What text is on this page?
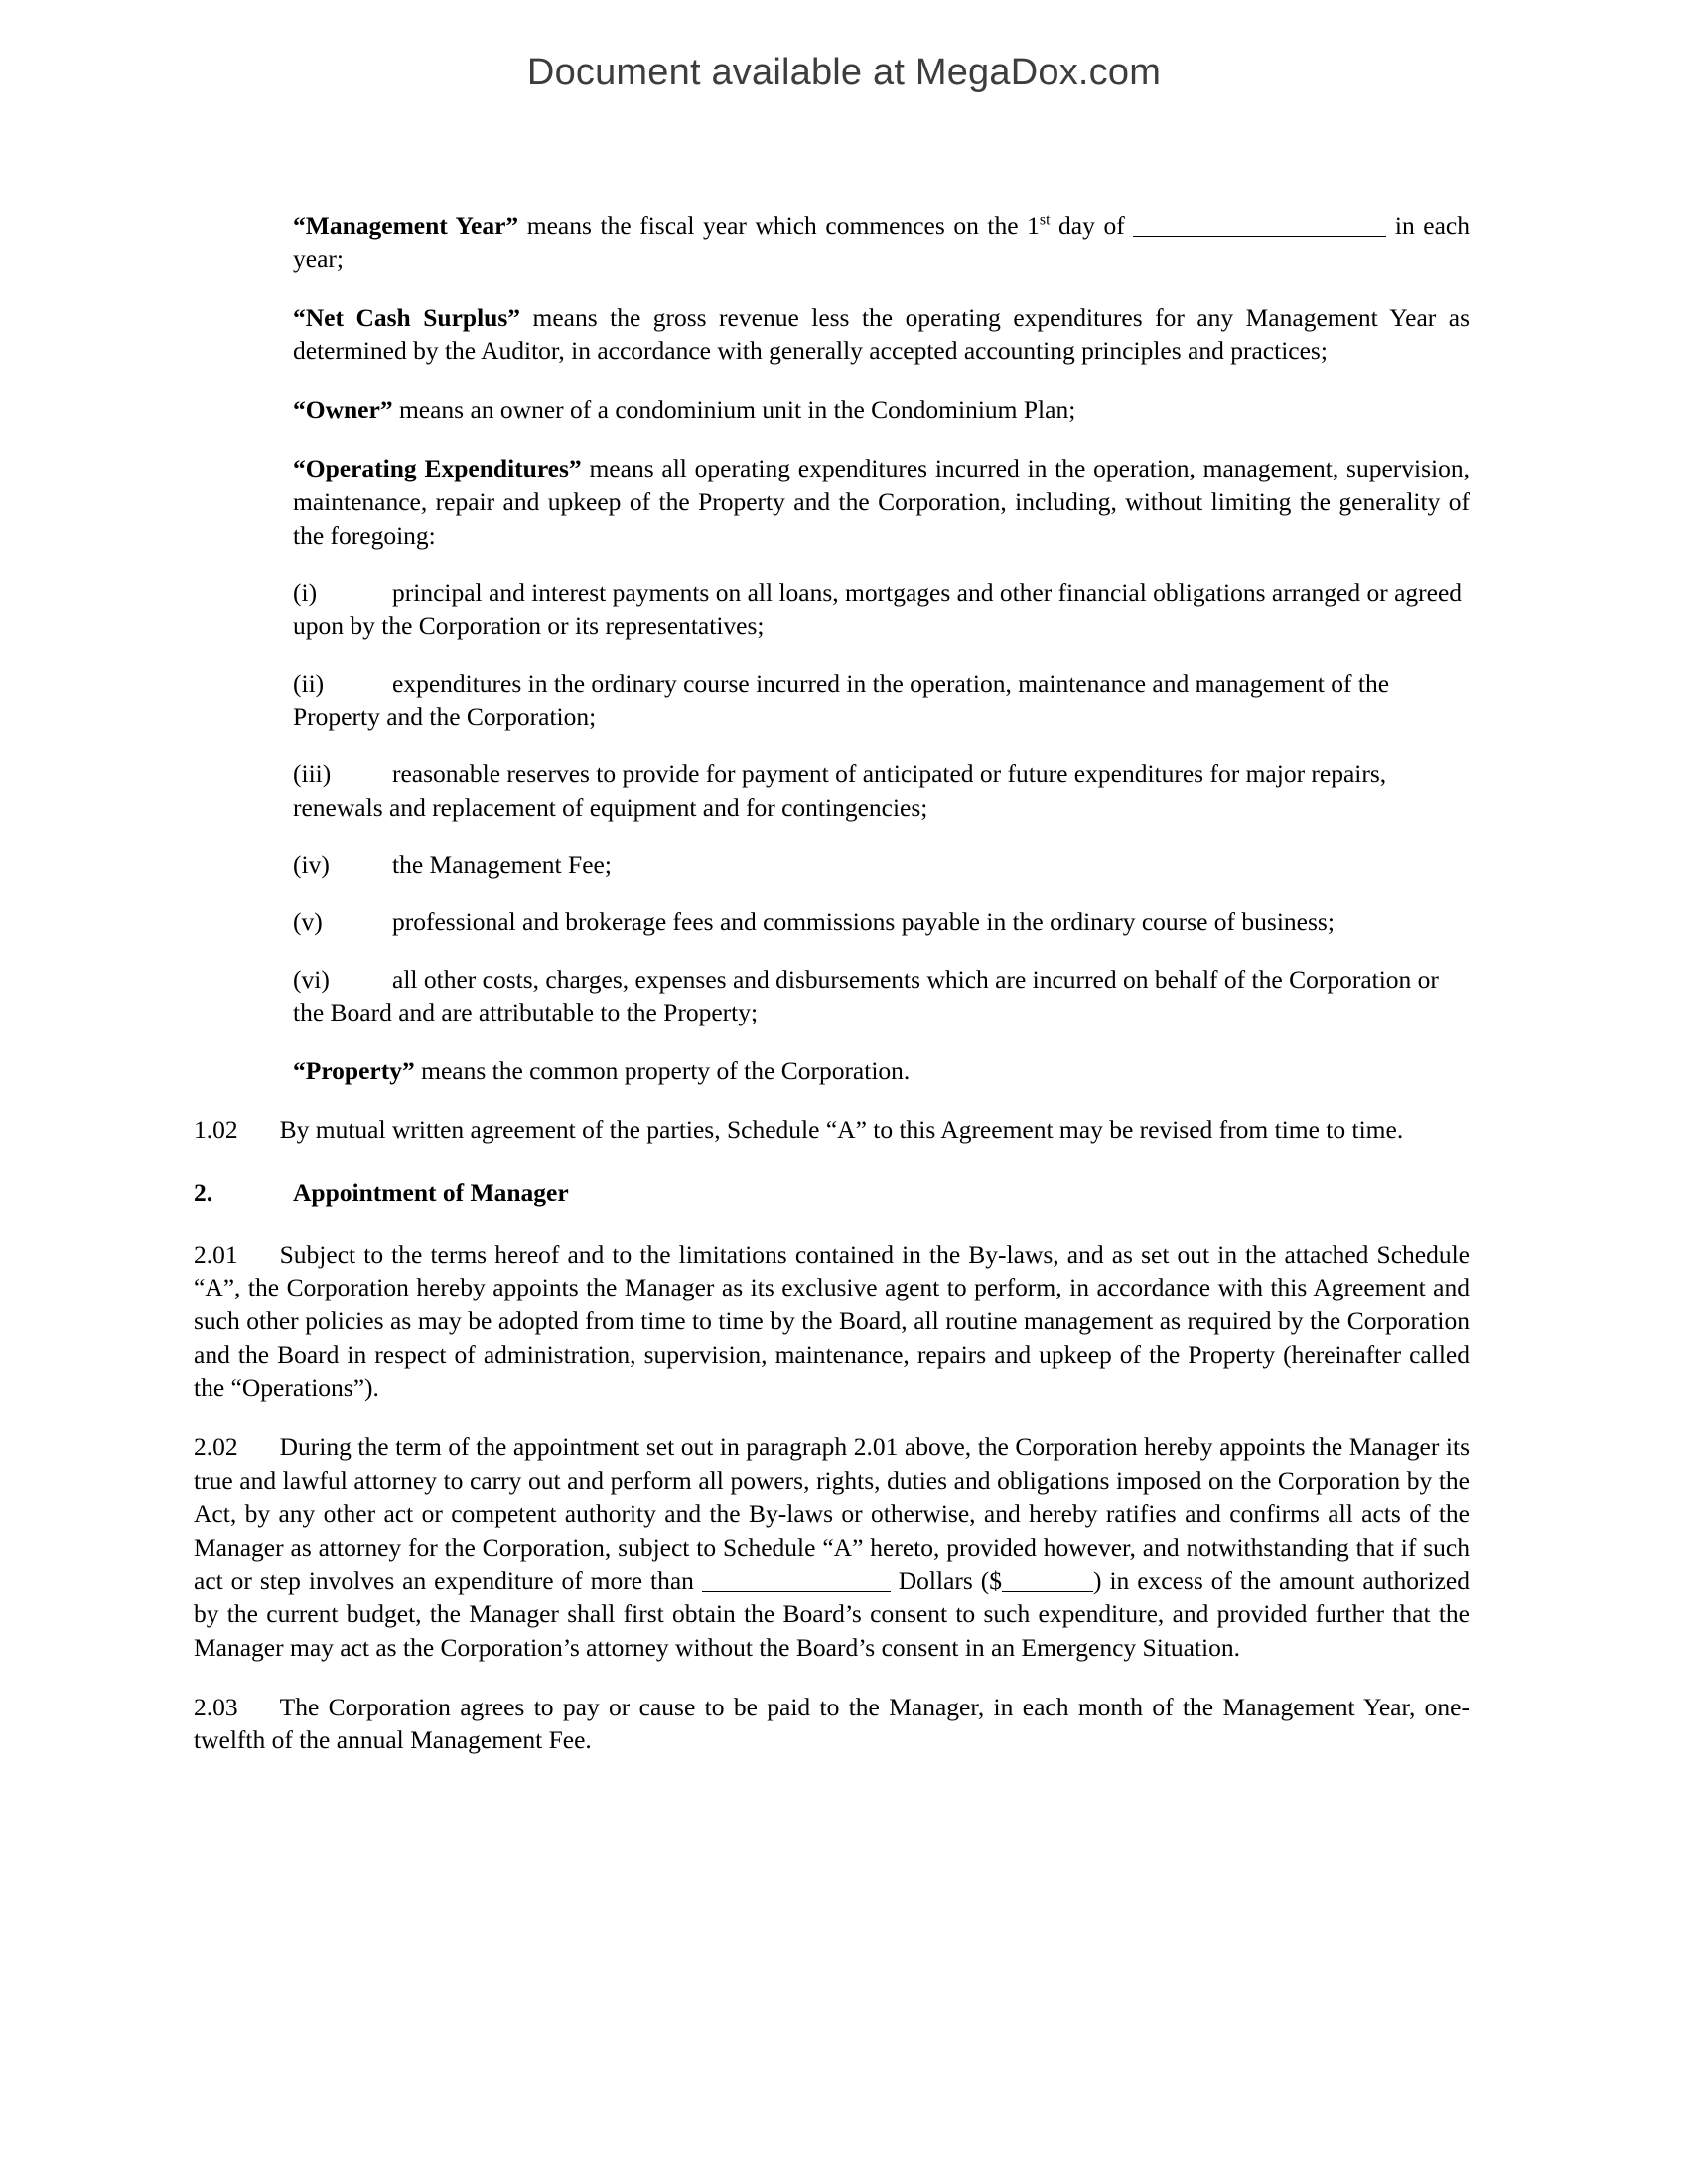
Document available at MegaDox.com

“Management Year” means the fiscal year which commences on the 1st day of	in each year;

“Net Cash Surplus” means the gross revenue less the operating expenditures for any Management Year as determined by the Auditor, in accordance with generally accepted accounting principles and practices;

“Owner” means an owner of a condominium unit in the Condominium Plan;

“Operating Expenditures” means all operating expenditures incurred in the operation, management, supervision, maintenance, repair and upkeep of the Property and the Corporation, including, without limiting the generality of the foregoing:

(i)	principal and interest payments on all loans, mortgages and other financial obligations arranged or agreed upon by the Corporation or its representatives;
(ii)	expenditures in the ordinary course incurred in the operation, maintenance and management of the Property and the Corporation;
(iii)	reasonable reserves to provide for payment of anticipated or future expenditures for major repairs, renewals and replacement of equipment and for contingencies;
(iv)	the Management Fee;
(v)	professional and brokerage fees and commissions payable in the ordinary course of business;
(vi)	all other costs, charges, expenses and disbursements which are incurred on behalf of the Corporation or the Board and are attributable to the Property;

“Property” means the common property of the Corporation.

1.02 By mutual written agreement of the parties, Schedule “A” to this Agreement may be revised from time to time.

2.	Appointment of Manager

2.01 Subject to the terms hereof and to the limitations contained in the By-laws, and as set out in the attached Schedule “A”, the Corporation hereby appoints the Manager as its exclusive agent to perform, in accordance with this Agreement and such other policies as may be adopted from time to time by the Board, all routine management as required by the Corporation and the Board in respect of administration, supervision, maintenance, repairs and upkeep of the Property (hereinafter called the “Operations”).

2.02 During the term of the appointment set out in paragraph 2.01 above, the Corporation hereby appoints the Manager its true and lawful attorney to carry out and perform all powers, rights, duties and obligations imposed on the Corporation by the Act, by any other act or competent authority and the By-laws or otherwise, and hereby ratifies and confirms all acts of the Manager as attorney for the Corporation, subject to Schedule “A” hereto, provided however, and notwithstanding that if such act or step involves an expenditure of more than	Dollars ($	) in excess of the amount authorized by the current budget, the Manager shall first obtain the Board’s consent to such expenditure, and provided further that the Manager may act as the Corporation’s attorney without the Board’s consent in an Emergency Situation.

2.03 The Corporation agrees to pay or cause to be paid to the Manager, in each month of the Management Year, one-twelfth of the annual Management Fee.
